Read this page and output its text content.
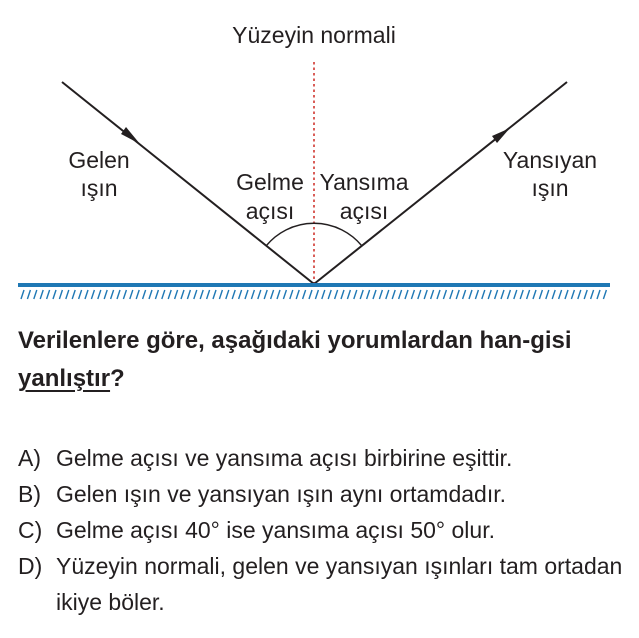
Yüzeyin normali
Gelen
ışın
Yansıyan
ışın
Gelme
açısı
Yansıma
açısı

Verilenlere göre, aşağıdaki yorumlardan han-gisi yanlıştır?

A) Gelme açısı ve yansıma açısı birbirine eşittir.
B) Gelen ışın ve yansıyan ışın aynı ortamdadır.
C) Gelme açısı 40° ise yansıma açısı 50° olur.
D) Yüzeyin normali, gelen ve yansıyan ışınları tam ortadan ikiye böler.
